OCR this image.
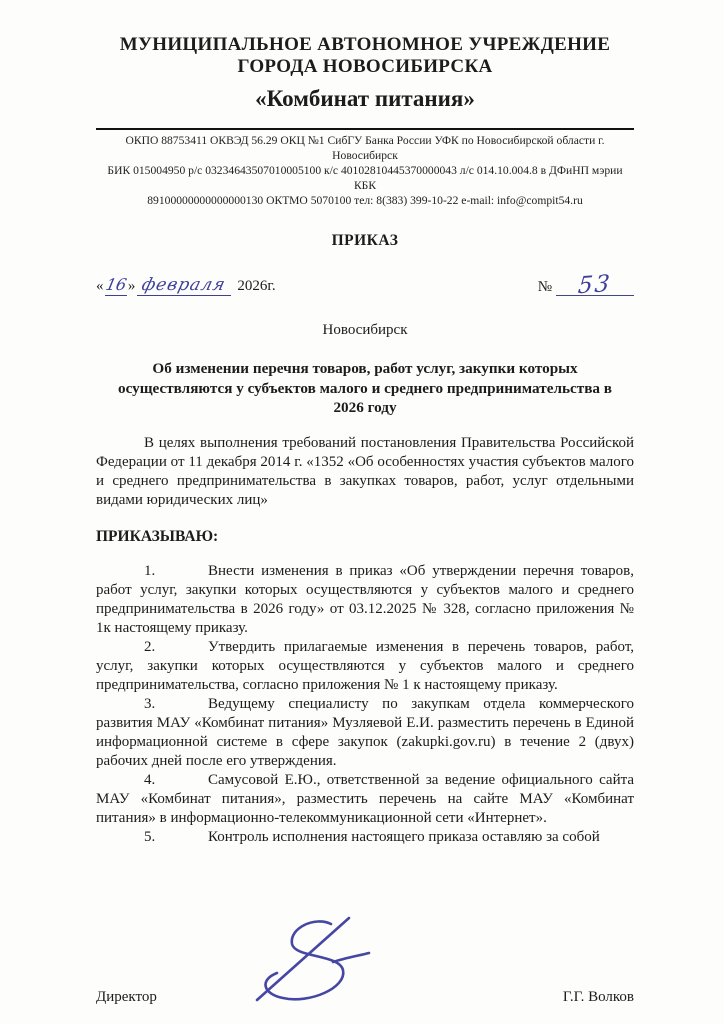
МУНИЦИПАЛЬНОЕ АВТОНОМНОЕ УЧРЕЖДЕНИЕ
ГОРОДА НОВОСИБИРСКА
«Комбинат питания»
ОКПО 88753411 ОКВЭД 56.29 ОКЦ №1 СибГУ Банка России УФК по Новосибирской области г. Новосибирск
БИК 015004950 р/с 03234643507010005100 к/с 40102810445370000043 л/с 014.10.004.8 в ДФиНП мэрии КБК
89100000000000000130 ОКТМО 5070100 тел: 8(383) 399-10-22 e-mail: info@compit54.ru
ПРИКАЗ
«16» февраля 2026г.	№	53
Новосибирск
Об изменении перечня товаров, работ услуг, закупки которых осуществляются у субъектов малого и среднего предпринимательства в 2026 году

В целях выполнения требований постановления Правительства Российской Федерации от 11 декабря 2014 г. «1352 «Об особенностях участия субъектов малого и среднего предпринимательства в закупках товаров, работ, услуг отдельными видами юридических лиц»

ПРИКАЗЫВАЮ:

1.	Внести изменения в приказ «Об утверждении перечня товаров, работ услуг, закупки которых осуществляются у субъектов малого и среднего предпринимательства в 2026 году» от 03.12.2025 № 328, согласно приложения № 1к настоящему приказу.

2.	Утвердить прилагаемые изменения в перечень товаров, работ, услуг, закупки которых осуществляются у субъектов малого и среднего предпринимательства, согласно приложения № 1 к настоящему приказу.

3.	Ведущему специалисту по закупкам отдела коммерческого развития МАУ «Комбинат питания» Музляевой Е.И. разместить перечень в Единой информационной системе в сфере закупок (zakupki.gov.ru) в течение 2 (двух) рабочих дней после его утверждения.

4.	Самусовой Е.Ю., ответственной за ведение официального сайта МАУ «Комбинат питания», разместить перечень на сайте МАУ «Комбинат питания» в информационно-телекоммуникационной сети «Интернет».

5.	Контроль исполнения настоящего приказа оставляю за собой

Директор	Г.Г. Волков
